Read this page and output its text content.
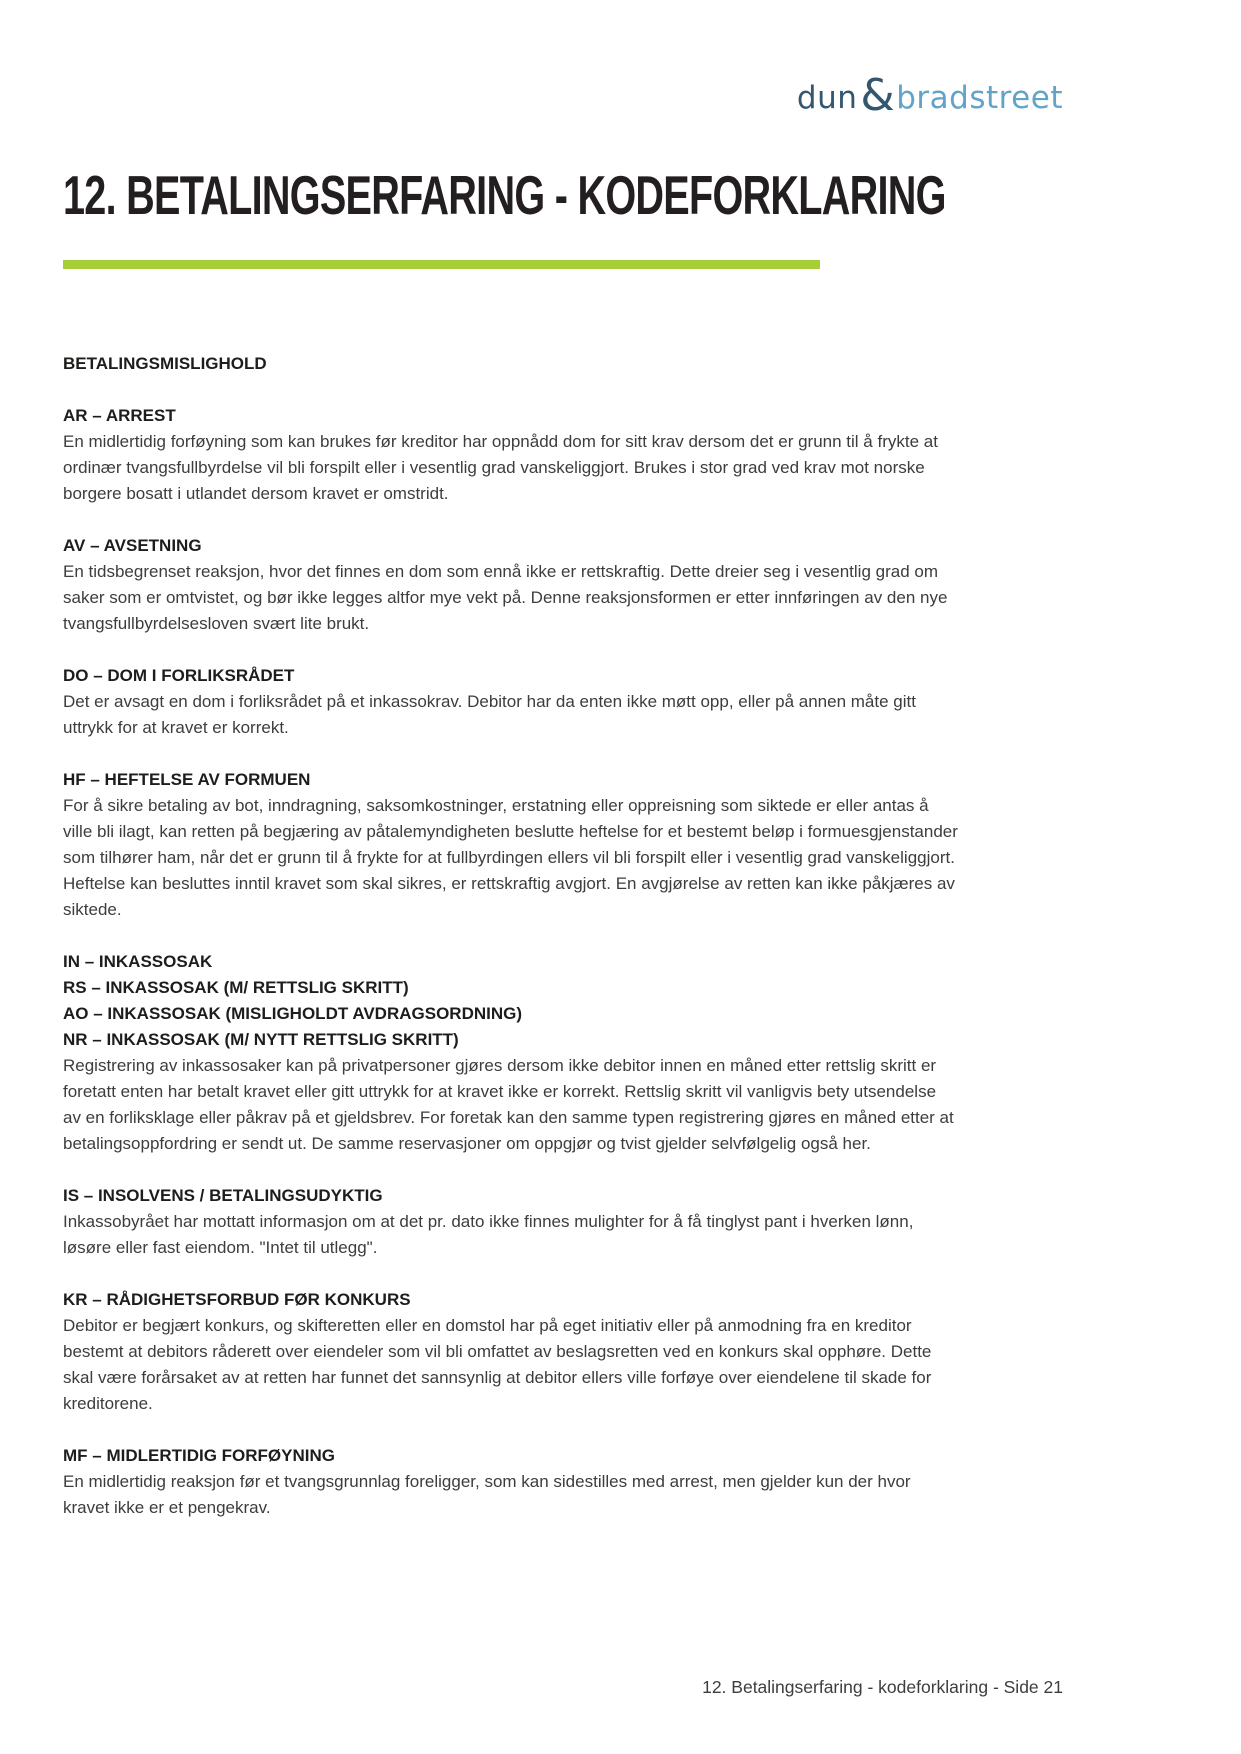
dun & bradstreet
12. BETALINGSERFARING - KODEFORKLARING
BETALINGSMISLIGHOLD
AR – ARREST

En midlertidig forføyning som kan brukes før kreditor har oppnådd dom for sitt krav dersom det er grunn til å frykte at ordinær tvangsfullbyrdelse vil bli forspilt eller i vesentlig grad vanskeliggjort. Brukes i stor grad ved krav mot norske borgere bosatt i utlandet dersom kravet er omstridt.

AV – AVSETNING

En tidsbegrenset reaksjon, hvor det finnes en dom som ennå ikke er rettskraftig. Dette dreier seg i vesentlig grad om saker som er omtvistet, og bør ikke legges altfor mye vekt på. Denne reaksjonsformen er etter innføringen av den nye tvangsfullbyrdelsesloven svært lite brukt.

DO – DOM I FORLIKSRÅDET

Det er avsagt en dom i forliksrådet på et inkassokrav. Debitor har da enten ikke møtt opp, eller på annen måte gitt uttrykk for at kravet er korrekt.

HF – HEFTELSE AV FORMUEN

For å sikre betaling av bot, inndragning, saksomkostninger, erstatning eller oppreisning som siktede er eller antas å ville bli ilagt, kan retten på begjæring av påtalemyndigheten beslutte heftelse for et bestemt beløp i formuesgjenstander som tilhører ham, når det er grunn til å frykte for at fullbyrdingen ellers vil bli forspilt eller i vesentlig grad vanskeliggjort. Heftelse kan besluttes inntil kravet som skal sikres, er rettskraftig avgjort. En avgjørelse av retten kan ikke påkjæres av siktede.

IN – INKASSOSAK
RS – INKASSOSAK (M/ RETTSLIG SKRITT)
AO – INKASSOSAK (MISLIGHOLDT AVDRAGSORDNING)
NR – INKASSOSAK (M/ NYTT RETTSLIG SKRITT)

Registrering av inkassosaker kan på privatpersoner gjøres dersom ikke debitor innen en måned etter rettslig skritt er foretatt enten har betalt kravet eller gitt uttrykk for at kravet ikke er korrekt. Rettslig skritt vil vanligvis bety utsendelse av en forliksklage eller påkrav på et gjeldsbrev. For foretak kan den samme typen registrering gjøres en måned etter at betalingsoppfordring er sendt ut. De samme reservasjoner om oppgjør og tvist gjelder selvfølgelig også her.

IS – INSOLVENS / BETALINGSUDYKTIG

Inkassobyrået har mottatt informasjon om at det pr. dato ikke finnes mulighter for å få tinglyst pant i hverken lønn, løsøre eller fast eiendom. "Intet til utlegg".

KR – RÅDIGHETSFORBUD FØR KONKURS

Debitor er begjært konkurs, og skifteretten eller en domstol har på eget initiativ eller på anmodning fra en kreditor bestemt at debitors råderett over eiendeler som vil bli omfattet av beslagsretten ved en konkurs skal opphøre. Dette skal være forårsaket av at retten har funnet det sannsynlig at debitor ellers ville forføye over eiendelene til skade for kreditorene.

MF – MIDLERTIDIG FORFØYNING

En midlertidig reaksjon før et tvangsgrunnlag foreligger, som kan sidestilles med arrest, men gjelder kun der hvor kravet ikke er et pengekrav.

12. Betalingserfaring - kodeforklaring - Side 21
